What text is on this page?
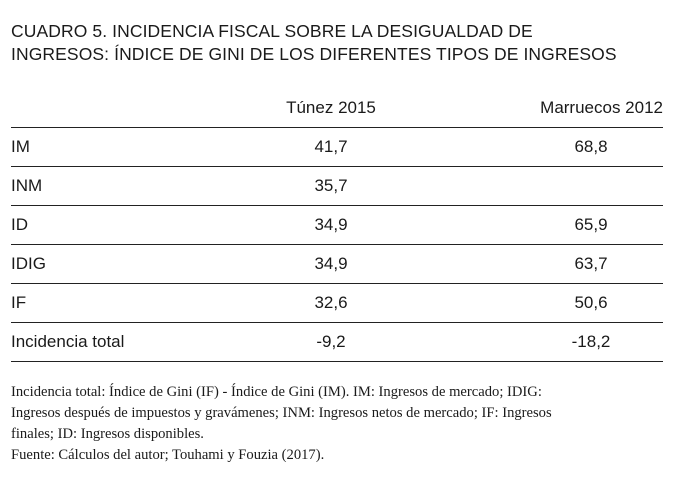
CUADRO 5. INCIDENCIA FISCAL SOBRE LA DESIGUALDAD DE
INGRESOS: ÍNDICE DE GINI DE LOS DIFERENTES TIPOS DE INGRESOS
Túnez 2015	Marruecos 2012
IM	41,7	68,8
INM	35,7
ID	34,9	65,9
IDIG	34,9	63,7
IF	32,6	50,6
Incidencia total	-9,2	-18,2
Incidencia total: Índice de Gini (IF) - Índice de Gini (IM). IM: Ingresos de mercado; IDIG:
Ingresos después de impuestos y gravámenes; INM: Ingresos netos de mercado; IF: Ingresos
finales; ID: Ingresos disponibles.
Fuente: Cálculos del autor; Touhami y Fouzia (2017).
